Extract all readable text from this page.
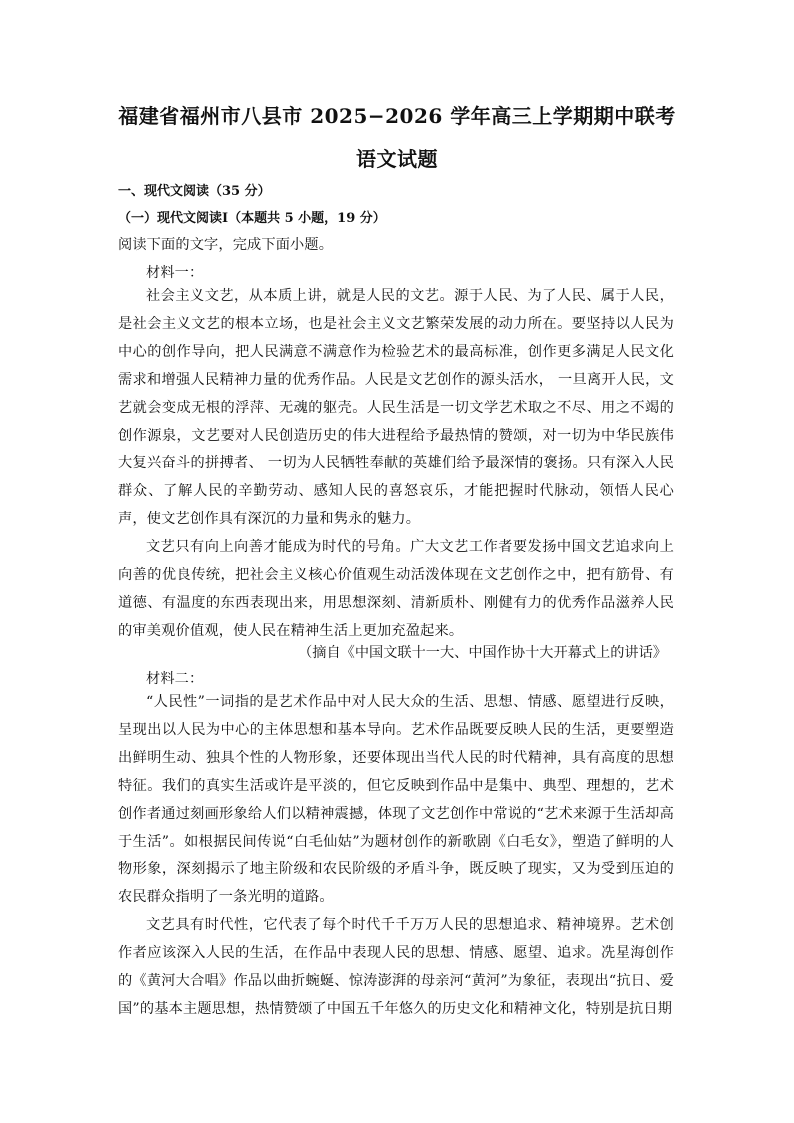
福建省福州市八县市 2025−2026 学年高三上学期期中联考
语文试题
一、现代文阅读（35 分）
（一）现代文阅读Ⅰ（本题共 5 小题，19 分）
阅读下面的文字，完成下面小题。
材料一：

社会主义文艺，从本质上讲，就是人民的文艺。源于人民、为了人民、属于人民，是社会主义文艺的根本立场，也是社会主义文艺繁荣发展的动力所在。要坚持以人民为中心的创作导向，把人民满意不满意作为检验艺术的最高标准，创作更多满足人民文化需求和增强人民精神力量的优秀作品。人民是文艺创作的源头活水， 一旦离开人民，文艺就会变成无根的浮萍、无魂的躯壳。人民生活是一切文学艺术取之不尽、用之不竭的创作源泉，文艺要对人民创造历史的伟大进程给予最热情的赞颂，对一切为中华民族伟大复兴奋斗的拼搏者、 一切为人民牺牲奉献的英雄们给予最深情的褒扬。只有深入人民群众、了解人民的辛勤劳动、感知人民的喜怒哀乐，才能把握时代脉动，领悟人民心声，使文艺创作具有深沉的力量和隽永的魅力。

文艺只有向上向善才能成为时代的号角。广大文艺工作者要发扬中国文艺追求向上向善的优良传统，把社会主义核心价值观生动活泼体现在文艺创作之中，把有筋骨、有道德、有温度的东西表现出来，用思想深刻、清新质朴、刚健有力的优秀作品滋养人民的审美观价值观，使人民在精神生活上更加充盈起来。

（摘自《中国文联十一大、中国作协十大开幕式上的讲话》
材料二：

“人民性”一词指的是艺术作品中对人民大众的生活、思想、情感、愿望进行反映，呈现出以人民为中心的主体思想和基本导向。艺术作品既要反映人民的生活，更要塑造出鲜明生动、独具个性的人物形象，还要体现出当代人民的时代精神，具有高度的思想特征。我们的真实生活或许是平淡的，但它反映到作品中是集中、典型、理想的，艺术创作者通过刻画形象给人们以精神震撼，体现了文艺创作中常说的“艺术来源于生活却高于生活”。如根据民间传说“白毛仙姑”为题材创作的新歌剧《白毛女》，塑造了鲜明的人物形象，深刻揭示了地主阶级和农民阶级的矛盾斗争，既反映了现实，又为受到压迫的农民群众指明了一条光明的道路。

文艺具有时代性，它代表了每个时代千千万万人民的思想追求、精神境界。艺术创作者应该深入人民的生活，在作品中表现人民的思想、情感、愿望、追求。冼星海创作的《黄河大合唱》作品以曲折蜿蜒、惊涛澎湃的母亲河“黄河”为象征，表现出“抗日、爱国”的基本主题思想，热情赞颂了中国五千年悠久的历史文化和精神文化，特别是抗日期
